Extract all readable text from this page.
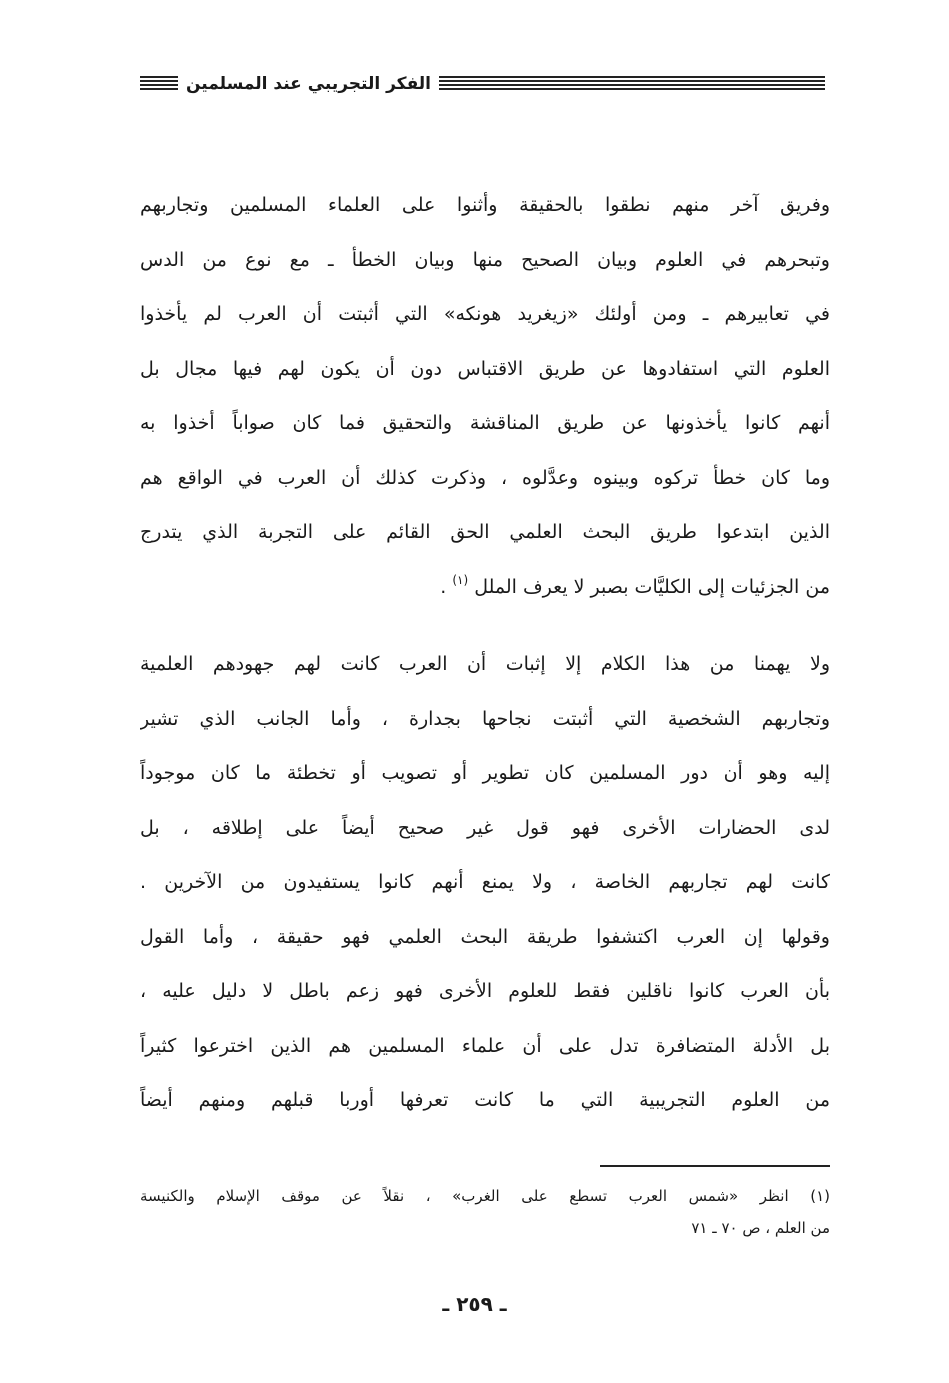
الفكر التجريبي عند المسلمين
وفريق آخر منهم نطقوا بالحقيقة وأثنوا على العلماء المسلمين وتجاربهم
وتبحرهم في العلوم وبيان الصحيح منها وبيان الخطأ ـ مع نوع من الدس
في تعابيرهم ـ ومن أولئك «زيغريد هونكه» التي أثبتت أن العرب لم يأخذوا
العلوم التي استفادوها عن طريق الاقتباس دون أن يكون لهم فيها مجال بل
أنهم كانوا يأخذونها عن طريق المناقشة والتحقيق فما كان صواباً أخذوا به
وما كان خطأ تركوه وبينوه وعدَّلوه ، وذكرت كذلك أن العرب في الواقع هم
الذين ابتدعوا طريق البحث العلمي الحق القائم على التجربة الذي يتدرج
من الجزئيات إلى الكليَّات بصبر لا يعرف الملل $^{(١)}$ .
ولا يهمنا من هذا الكلام إلا إثبات أن العرب كانت لهم جهودهم العلمية
وتجاربهم الشخصية التي أثبتت نجاحها بجدارة ، وأما الجانب الذي تشير
إليه وهو أن دور المسلمين كان تطوير أو تصويب أو تخطئة ما كان موجوداً
لدى الحضارات الأخرى فهو قول غير صحيح أيضاً على إطلاقه ، بل
كانت لهم تجاربهم الخاصة ، ولا يمنع أنهم كانوا يستفيدون من الآخرين .
وقولها إن العرب اكتشفوا طريقة البحث العلمي فهو حقيقة ، وأما القول
بأن العرب كانوا ناقلين فقط للعلوم الأخرى فهو زعم باطل لا دليل عليه ،
بل الأدلة المتضافرة تدل على أن علماء المسلمين هم الذين اخترعوا كثيراً
من العلوم التجريبية التي ما كانت تعرفها أوربا قبلهم ومنهم أيضاً
(١) انظر «شمس العرب تسطع على الغرب» ، نقلاً عن موقف الإسلام والكنيسة
من العلم ، ص ٧٠ ـ ٧١
ـ ٢٥٩ ـ
